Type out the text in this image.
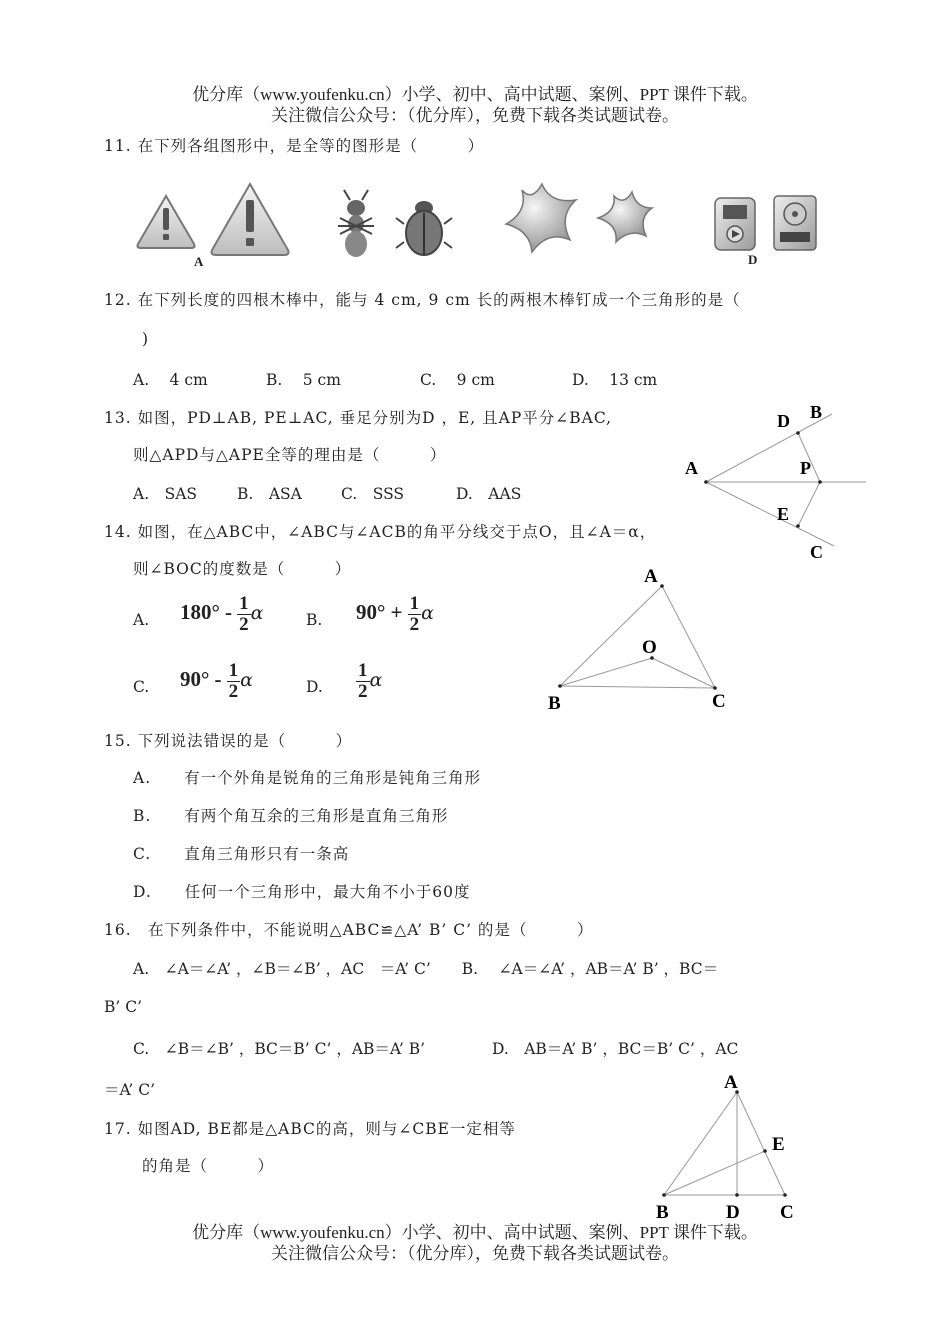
优分库（www.youfenku.cn）小学、初中、高中试题、案例、PPT 课件下载。
关注微信公众号：（优分库），免费下载各类试题试卷。
11. 在下列各组图形中，是全等的图形是（　　　）
A	D
12. 在下列长度的四根木棒中，能与 4 cm, 9 cm 长的两根木棒钉成一个三角形的是（
)
A.　 4 cm	B.　 5 cm	C.　 9 cm	D.　 13 cm
13. 如图，PD⊥AB, PE⊥AC, 垂足分别为D ，E, 且AP平分∠BAC,
则△APD与△APE全等的理由是（　　　）
A.　SAS	B.　ASA	C.　SSS	D.　AAS
A
D B
P
E
C
14. 如图，在△ABC中，∠ABC与∠ACB的角平分线交于点O，且∠A＝α，
则∠BOC的度数是（　　　）
A. $180^\circ - \frac{1}{2}$ α	B. $90^\circ + \frac{1}{2}$ α
C. $90^\circ - \frac{1}{2}$ α	D. $\frac{1}{2}$ α
A
O
B	C
15. 下列说法错误的是（　　　）
A.　　有一个外角是锐角的三角形是钝角三角形
B.　　有两个角互余的三角形是直角三角形
C.　　直角三角形只有一条高
D.　　任何一个三角形中，最大角不小于60度
16.　在下列条件中，不能说明△ABC≌△A’ B’ C’ 的是（　　　）
A.　∠A＝∠A’ ，∠B＝∠B’ ，AC　＝A’ C’　　B.　 ∠A＝∠A’ ，AB＝A’ B’ ，BC＝
B’ C’
C.　∠B＝∠B’ ，BC＝B’ C’ ，AB＝A’ B’　　　　 D.　AB＝A’ B’ ，BC＝B’ C’ ，AC
＝A’ C’
17. 如图AD, BE都是△ABC的高，则与∠CBE一定相等
的角是（　　　）
A
E
B	D C
优分库（www.youfenku.cn）小学、初中、高中试题、案例、PPT 课件下载。
关注微信公众号：（优分库），免费下载各类试题试卷。
